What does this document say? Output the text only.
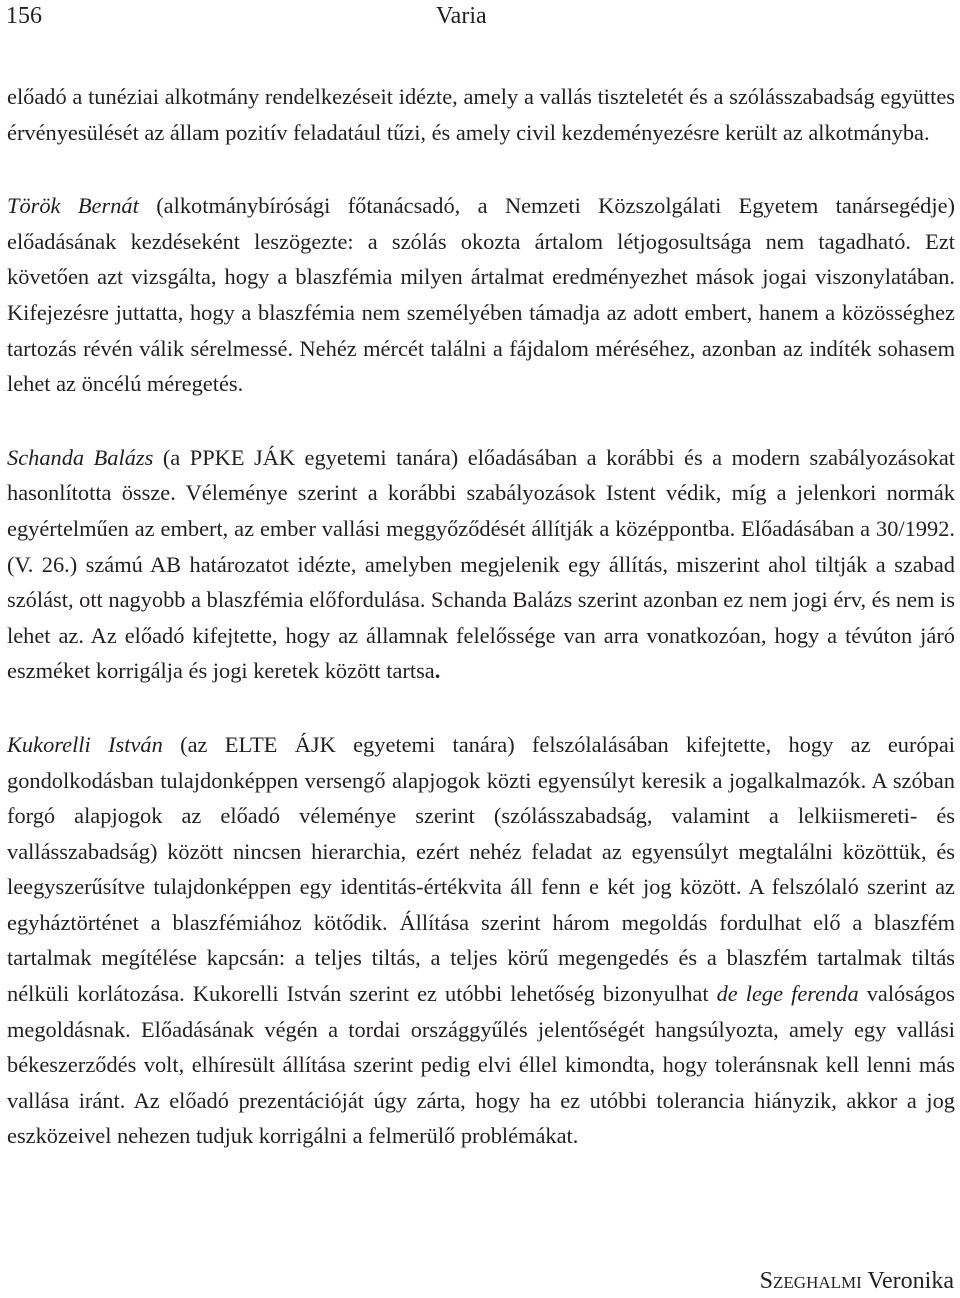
156	Varia

előadó a tunéziai alkotmány rendelkezéseit idézte, amely a vallás tiszteletét és a szólásszabadság együttes érvényesülését az állam pozitív feladatául tűzi, és amely civil kezdeményezésre került az alkotmányba.

Török Bernát (alkotmánybírósági főtanácsadó, a Nemzeti Közszolgálati Egyetem tanársegédje) előadásának kezdéseként leszögezte: a szólás okozta ártalom létjogosultsága nem tagadható. Ezt követően azt vizsgálta, hogy a blaszfémia milyen ártalmat eredményezhet mások jogai viszonylatában. Kifejezésre juttatta, hogy a blaszfémia nem személyében támadja az adott embert, hanem a közösséghez tartozás révén válik sérelmessé. Nehéz mércét találni a fájdalom méréséhez, azonban az indíték sohasem lehet az öncélú méregetés.

Schanda Balázs (a PPKE JÁK egyetemi tanára) előadásában a korábbi és a modern szabályozásokat hasonlította össze. Véleménye szerint a korábbi szabályozások Istent védik, míg a jelenkori normák egyértelműen az embert, az ember vallási meggyőződését állítják a középpontba. Előadásában a 30/1992. (V. 26.) számú AB határozatot idézte, amelyben megjelenik egy állítás, miszerint ahol tiltják a szabad szólást, ott nagyobb a blaszfémia előfordulása. Schanda Balázs szerint azonban ez nem jogi érv, és nem is lehet az. Az előadó kifejtette, hogy az államnak felelőssége van arra vonatkozóan, hogy a tévúton járó eszméket korrigálja és jogi keretek között tartsa.

Kukorelli István (az ELTE ÁJK egyetemi tanára) felszólalásában kifejtette, hogy az európai gondolkodásban tulajdonképpen versengő alapjogok közti egyensúlyt keresik a jogalkalmazók. A szóban forgó alapjogok az előadó véleménye szerint (szólásszabadság, valamint a lelkiismereti- és vallásszabadság) között nincsen hierarchia, ezért nehéz feladat az egyensúlyt megtalálni közöttük, és leegyszerűsítve tulajdonképpen egy identitás-értékvita áll fenn e két jog között. A felszólaló szerint az egyháztörténet a blaszfémiához kötődik. Állítása szerint három megoldás fordulhat elő a blaszfém tartalmak megítélése kapcsán: a teljes tiltás, a teljes körű megengedés és a blaszfém tartalmak tiltás nélküli korlátozása. Kukorelli István szerint ez utóbbi lehetőség bizonyulhat de lege ferenda valóságos megoldásnak. Előadásának végén a tordai országgyűlés jelentőségét hangsúlyozta, amely egy vallási békeszerződés volt, elhíresült állítása szerint pedig elvi éllel kimondta, hogy toleránsnak kell lenni más vallása iránt. Az előadó prezentációját úgy zárta, hogy ha ez utóbbi tolerancia hiányzik, akkor a jog eszközeivel nehezen tudjuk korrigálni a felmerülő problémákat.

Szeghalmi Veronika
